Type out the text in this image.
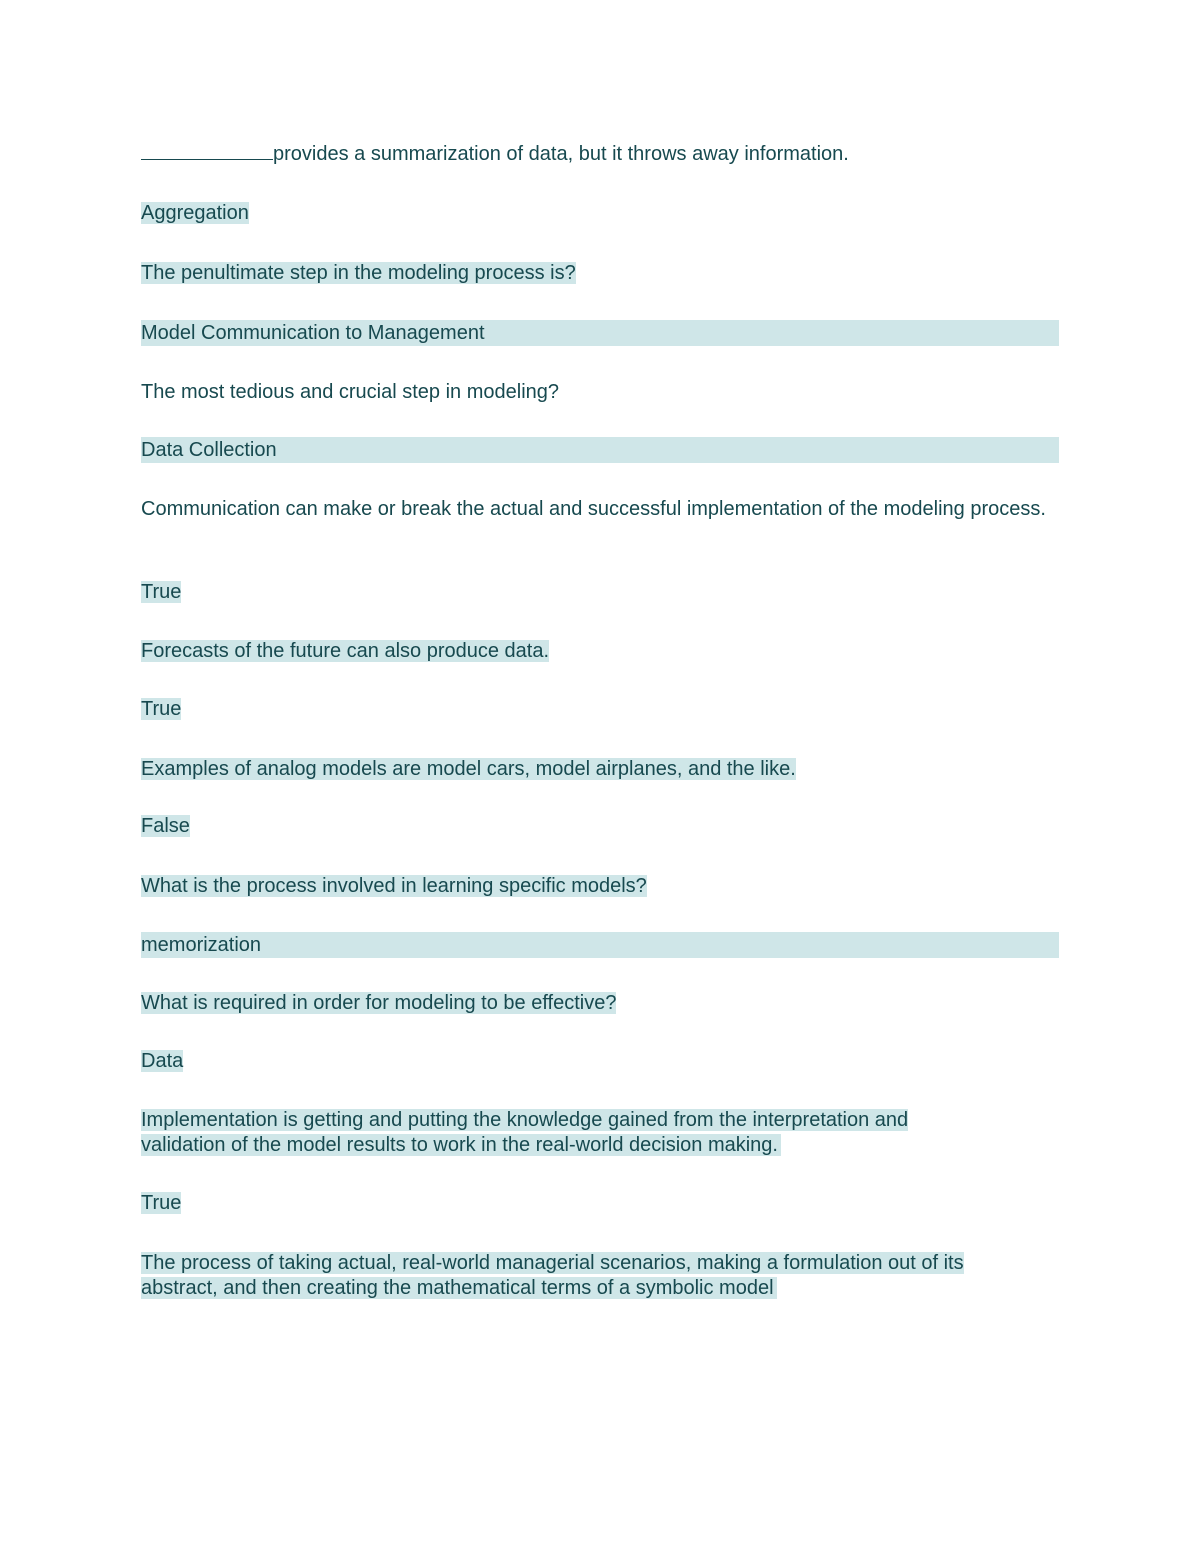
provides a summarization of data, but it throws away information.
Aggregation
The penultimate step in the modeling process is?
Model Communication to Management
The most tedious and crucial step in modeling?
Data Collection
Communication can make or break the actual and successful implementation of the modeling process.
True
Forecasts of the future can also produce data.
True
Examples of analog models are model cars, model airplanes, and the like.
False
What is the process involved in learning specific models?
memorization
What is required in order for modeling to be effective?
Data
Implementation is getting and putting the knowledge gained from the interpretation and validation of the model results to work in the real-world decision making.
True
The process of taking actual, real-world managerial scenarios, making a formulation out of its abstract, and then creating the mathematical terms of a symbolic model
